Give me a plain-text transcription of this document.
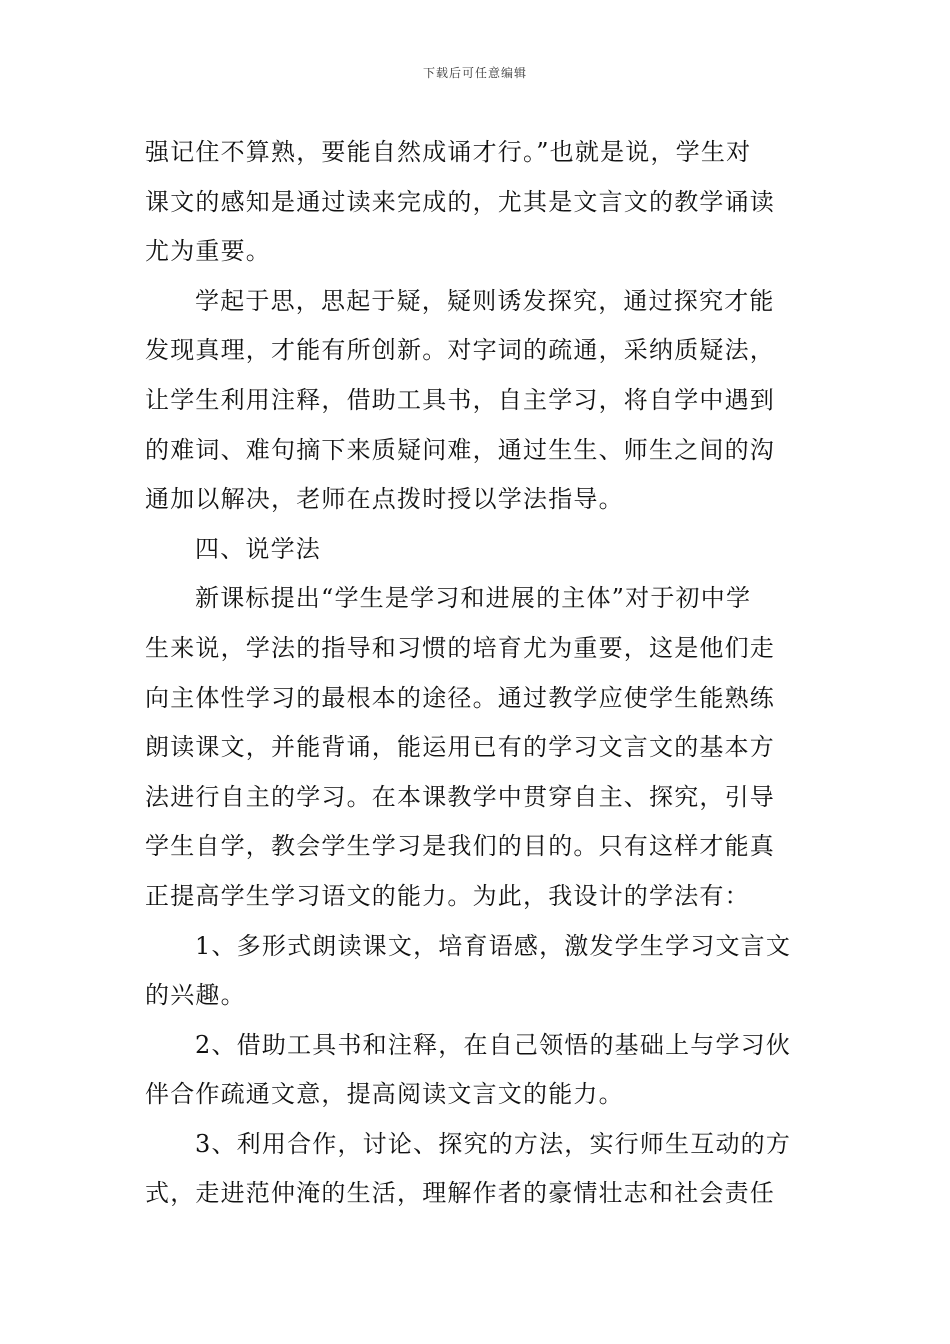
下载后可任意编辑
强记住不算熟，要能自然成诵才行。”也就是说，学生对
课文的感知是通过读来完成的，尤其是文言文的教学诵读
尤为重要。
学起于思，思起于疑，疑则诱发探究，通过探究才能
发现真理，才能有所创新。对字词的疏通，采纳质疑法，
让学生利用注释，借助工具书，自主学习，将自学中遇到
的难词、难句摘下来质疑问难，通过生生、师生之间的沟
通加以解决，老师在点拨时授以学法指导。
四、说学法
新课标提出“学生是学习和进展的主体”对于初中学
生来说，学法的指导和习惯的培育尤为重要，这是他们走
向主体性学习的最根本的途径。通过教学应使学生能熟练
朗读课文，并能背诵，能运用已有的学习文言文的基本方
法进行自主的学习。在本课教学中贯穿自主、探究，引导
学生自学，教会学生学习是我们的目的。只有这样才能真
正提高学生学习语文的能力。为此，我设计的学法有：
1、多形式朗读课文，培育语感，激发学生学习文言文
的兴趣。
2、借助工具书和注释，在自己领悟的基础上与学习伙
伴合作疏通文意，提高阅读文言文的能力。
3、利用合作，讨论、探究的方法，实行师生互动的方
式，走进范仲淹的生活，理解作者的豪情壮志和社会责任
